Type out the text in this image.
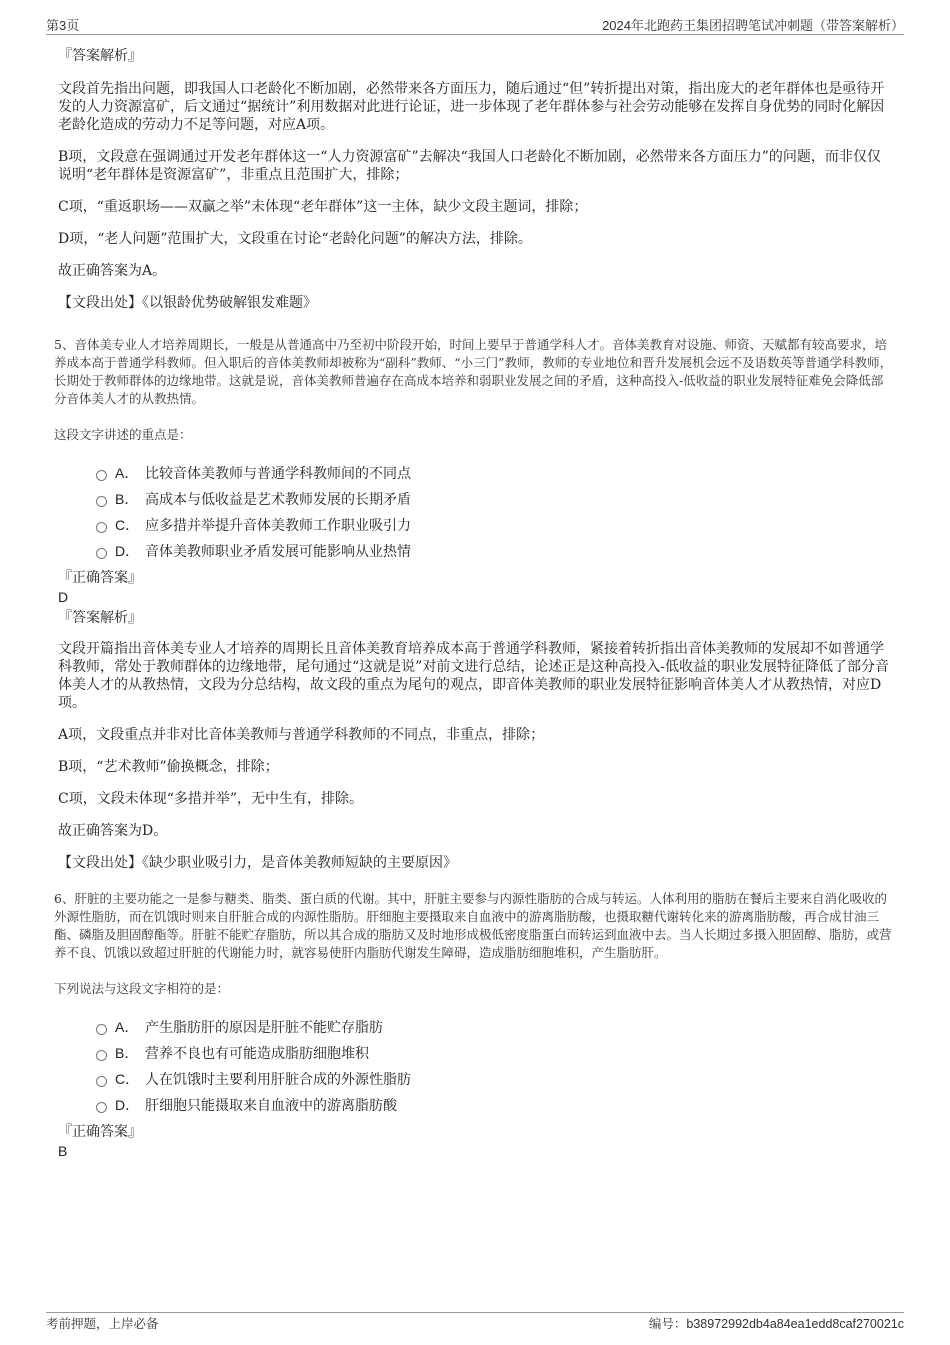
第3页	2024年北跑药王集团招聘笔试冲刺题（带答案解析）

『答案解析』

文段首先指出问题，即我国人口老龄化不断加剧，必然带来各方面压力，随后通过“但”转折提出对策，指出庞大的老年群体也是亟待开发的人力资源富矿，后文通过“据统计”利用数据对此进行论证，进一步体现了老年群体参与社会劳动能够在发挥自身优势的同时化解因老龄化造成的劳动力不足等问题，对应A项。

B项，文段意在强调通过开发老年群体这一“人力资源富矿”去解决“我国人口老龄化不断加剧，必然带来各方面压力”的问题，而非仅仅说明“老年群体是资源富矿”，非重点且范围扩大，排除；

C项，“重返职场——双赢之举”未体现“老年群体”这一主体，缺少文段主题词，排除；

D项，“老人问题”范围扩大，文段重在讨论“老龄化问题”的解决方法，排除。

故正确答案为A。

【文段出处】《以银龄优势破解银发难题》

5、音体美专业人才培养周期长，一般是从普通高中乃至初中阶段开始，时间上要早于普通学科人才。音体美教育对设施、师资、天赋都有较高要求，培养成本高于普通学科教师。但入职后的音体美教师却被称为“副科”教师、“小三门”教师，教师的专业地位和晋升发展机会远不及语数英等普通学科教师，长期处于教师群体的边缘地带。这就是说，音体美教师普遍存在高成本培养和弱职业发展之间的矛盾，这种高投入-低收益的职业发展特征难免会降低部分音体美人才的从教热情。

这段文字讲述的重点是：

A． 比较音体美教师与普通学科教师间的不同点
B． 高成本与低收益是艺术教师发展的长期矛盾
C． 应多措并举提升音体美教师工作职业吸引力
D． 音体美教师职业矛盾发展可能影响从业热情

『正确答案』

D

『答案解析』

文段开篇指出音体美专业人才培养的周期长且音体美教育培养成本高于普通学科教师，紧接着转折指出音体美教师的发展却不如普通学科教师，常处于教师群体的边缘地带，尾句通过“这就是说”对前文进行总结，论述正是这种高投入-低收益的职业发展特征降低了部分音体美人才的从教热情，文段为分总结构，故文段的重点为尾句的观点，即音体美教师的职业发展特征影响音体美人才从教热情，对应D项。

A项，文段重点并非对比音体美教师与普通学科教师的不同点，非重点，排除；

B项，“艺术教师”偷换概念，排除；

C项，文段未体现“多措并举”，无中生有，排除。

故正确答案为D。

【文段出处】《缺少职业吸引力，是音体美教师短缺的主要原因》

6、肝脏的主要功能之一是参与糖类、脂类、蛋白质的代谢。其中，肝脏主要参与内源性脂肪的合成与转运。人体利用的脂肪在餐后主要来自消化吸收的外源性脂肪，而在饥饿时则来自肝脏合成的内源性脂肪。肝细胞主要摄取来自血液中的游离脂肪酸，也摄取糖代谢转化来的游离脂肪酸，再合成甘油三酯、磷脂及胆固醇酯等。肝脏不能贮存脂肪，所以其合成的脂肪又及时地形成极低密度脂蛋白而转运到血液中去。当人长期过多摄入胆固醇、脂肪，或营养不良、饥饿以致超过肝脏的代谢能力时，就容易使肝内脂肪代谢发生障碍，造成脂肪细胞堆积，产生脂肪肝。

下列说法与这段文字相符的是：

A． 产生脂肪肝的原因是肝脏不能贮存脂肪
B． 营养不良也有可能造成脂肪细胞堆积
C． 人在饥饿时主要利用肝脏合成的外源性脂肪
D． 肝细胞只能摄取来自血液中的游离脂肪酸

『正确答案』

B

考前押题，上岸必备	编号：b38972992db4a84ea1edd8caf270021c
